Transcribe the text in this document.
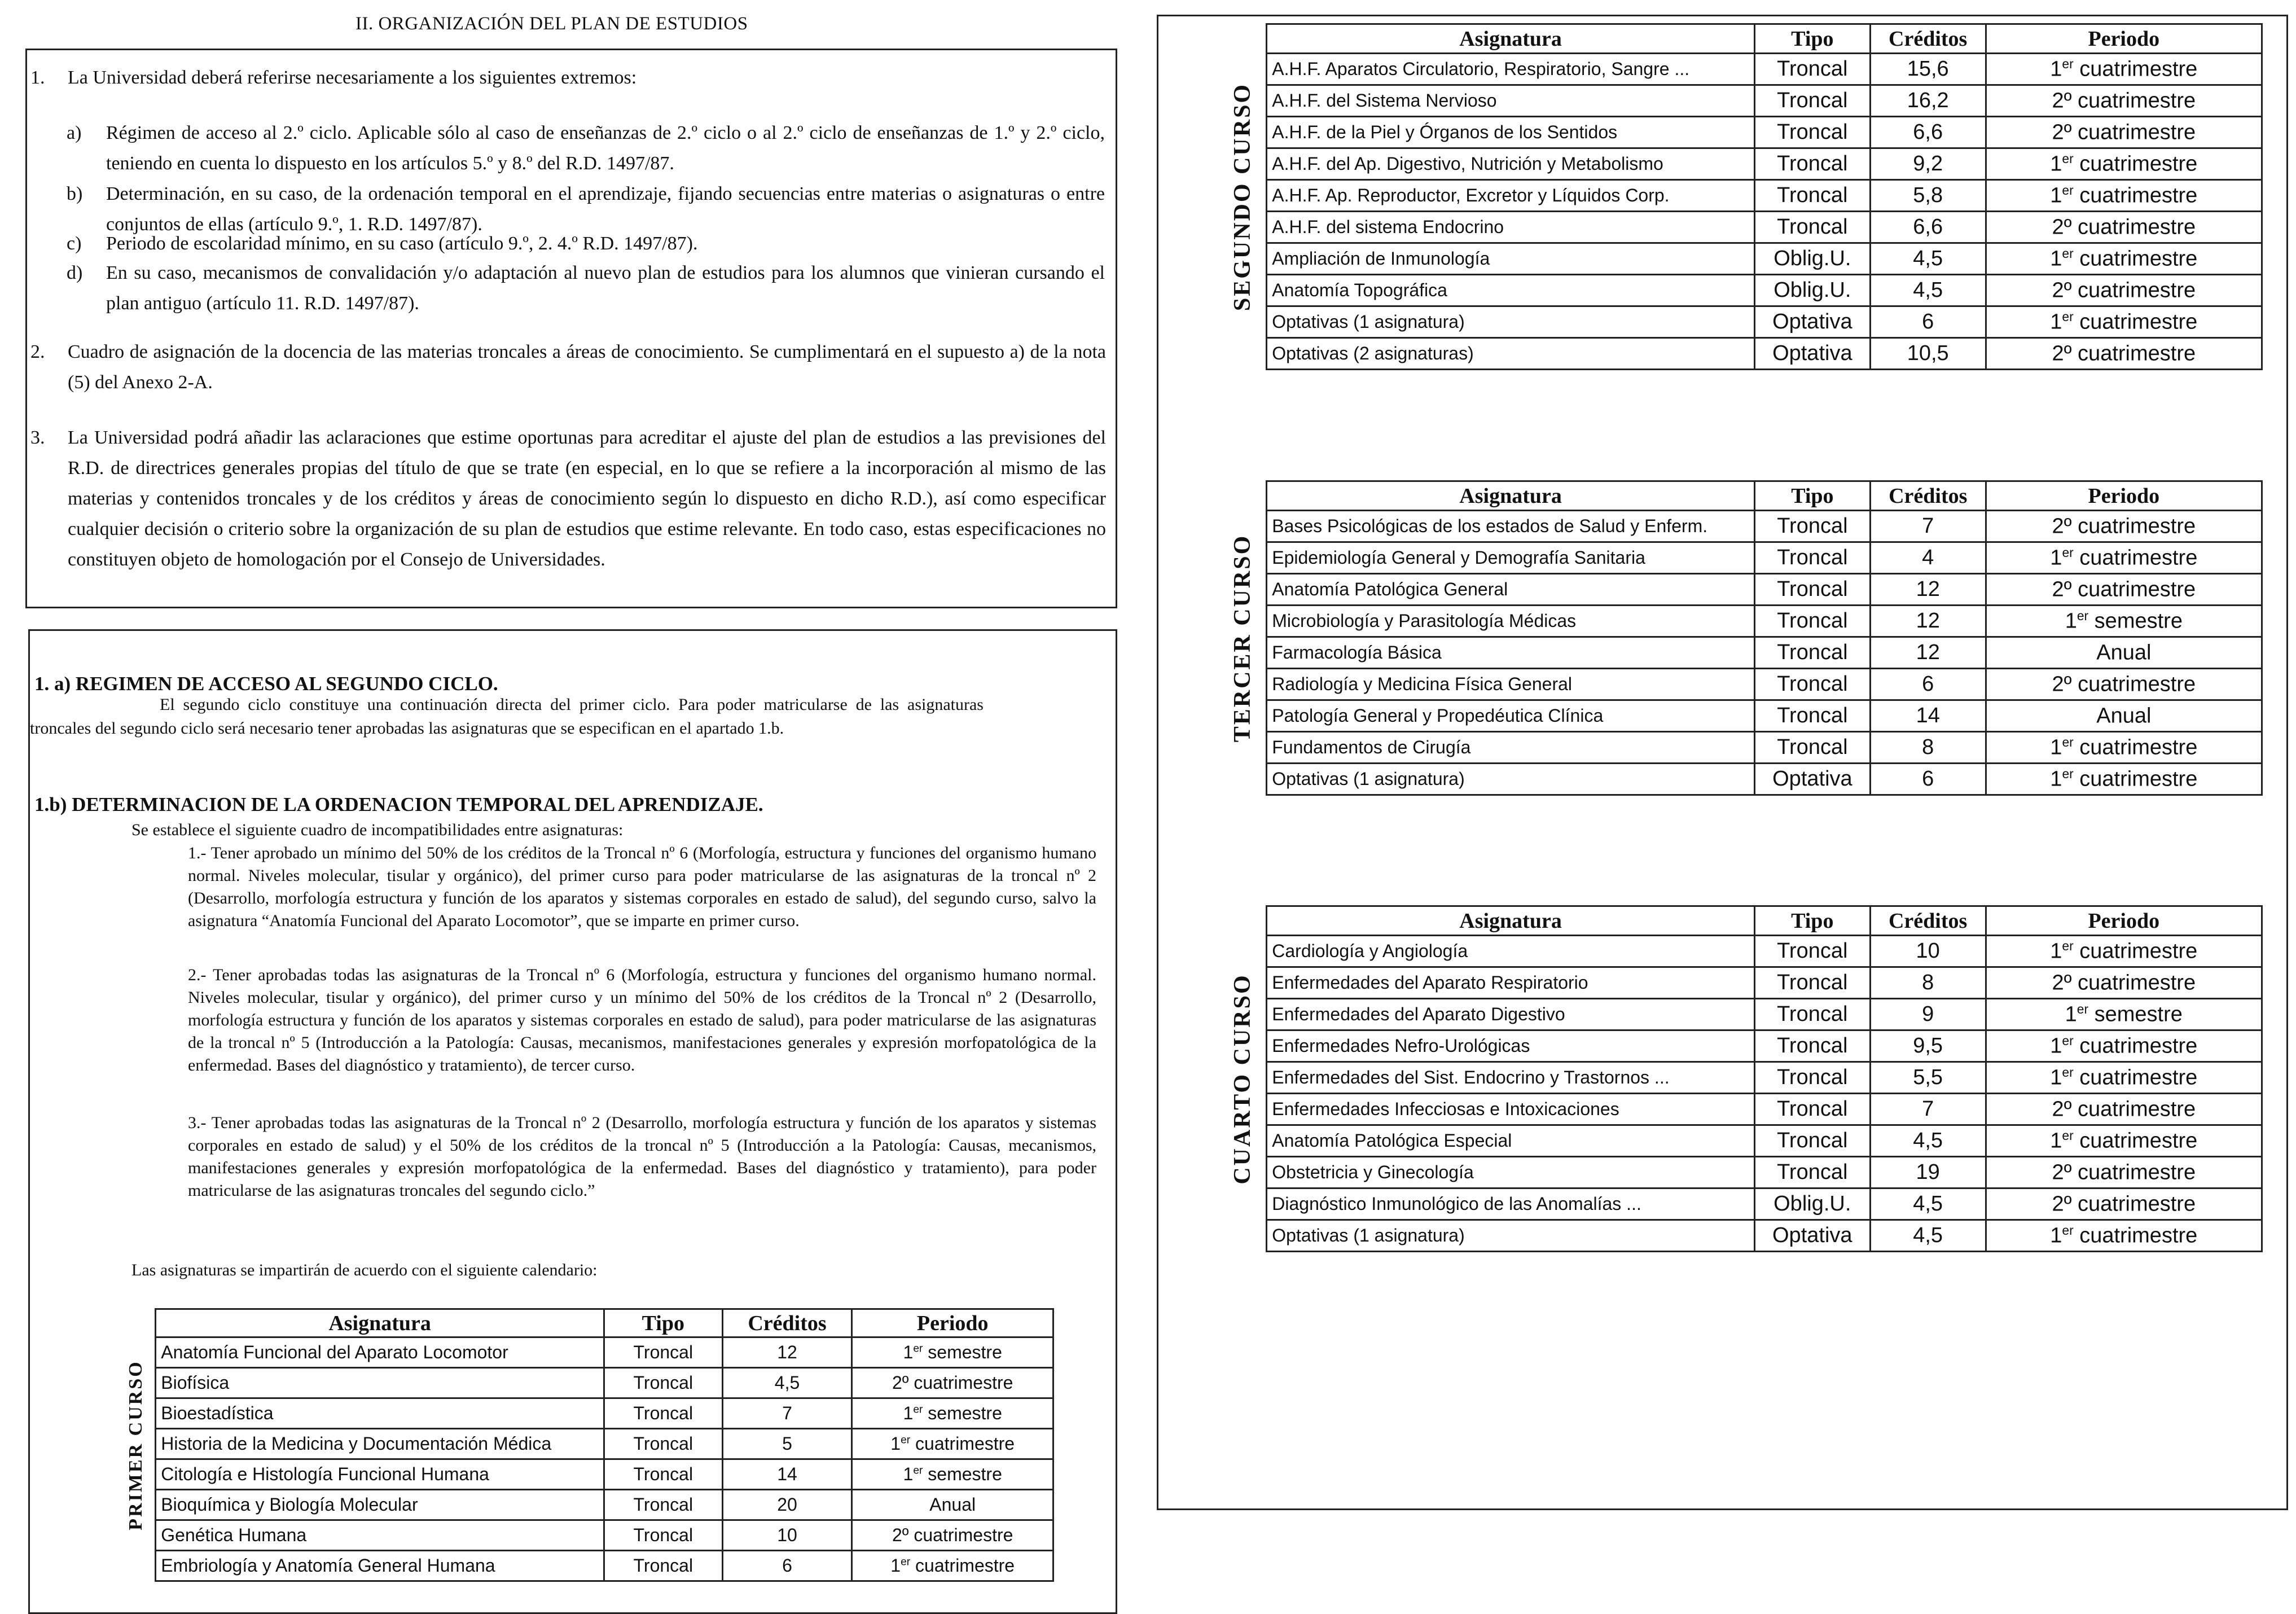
II. ORGANIZACIÓN DEL PLAN DE ESTUDIOS
1. La Universidad deberá referirse necesariamente a los siguientes extremos:
a) Régimen de acceso al 2.º ciclo. Aplicable sólo al caso de enseñanzas de 2.º ciclo o al 2.º ciclo de enseñanzas de 1.º y 2.º ciclo, teniendo en cuenta lo dispuesto en los artículos 5.º y 8.º del R.D. 1497/87.
b) Determinación, en su caso, de la ordenación temporal en el aprendizaje, fijando secuencias entre materias o asignaturas o entre conjuntos de ellas (artículo 9.º, 1. R.D. 1497/87).
c) Periodo de escolaridad mínimo, en su caso (artículo 9.º, 2. 4.º R.D. 1497/87).
d) En su caso, mecanismos de convalidación y/o adaptación al nuevo plan de estudios para los alumnos que vinieran cursando el plan antiguo (artículo 11. R.D. 1497/87).
2. Cuadro de asignación de la docencia de las materias troncales a áreas de conocimiento. Se cumplimentará en el supuesto a) de la nota (5) del Anexo 2-A.
3. La Universidad podrá añadir las aclaraciones que estime oportunas para acreditar el ajuste del plan de estudios a las previsiones del R.D. de directrices generales propias del título de que se trate (en especial, en lo que se refiere a la incorporación al mismo de las materias y contenidos troncales y de los créditos y áreas de conocimiento según lo dispuesto en dicho R.D.), así como especificar cualquier decisión o criterio sobre la organización de su plan de estudios que estime relevante. En todo caso, estas especificaciones no constituyen objeto de homologación por el Consejo de Universidades.
1. a) REGIMEN DE ACCESO AL SEGUNDO CICLO.
El segundo ciclo constituye una continuación directa del primer ciclo. Para poder matricularse de las asignaturas troncales del segundo ciclo será necesario tener aprobadas las asignaturas que se especifican en el apartado 1.b.
1.b) DETERMINACION DE LA ORDENACION TEMPORAL DEL APRENDIZAJE.
Se establece el siguiente cuadro de incompatibilidades entre asignaturas:
1.- Tener aprobado un mínimo del 50% de los créditos de la Troncal nº 6 (Morfología, estructura y funciones del organismo humano normal. Niveles molecular, tisular y orgánico), del primer curso para poder matricularse de las asignaturas de la troncal nº 2 (Desarrollo, morfología estructura y función de los aparatos y sistemas corporales en estado de salud), del segundo curso, salvo la asignatura “Anatomía Funcional del Aparato Locomotor”, que se imparte en primer curso.
2.- Tener aprobadas todas las asignaturas de la Troncal nº 6 (Morfología, estructura y funciones del organismo humano normal. Niveles molecular, tisular y orgánico), del primer curso y un mínimo del 50% de los créditos de la Troncal nº 2 (Desarrollo, morfología estructura y función de los aparatos y sistemas corporales en estado de salud), para poder matricularse de las asignaturas de la troncal nº 5 (Introducción a la Patología: Causas, mecanismos, manifestaciones generales y expresión morfopatológica de la enfermedad. Bases del diagnóstico y tratamiento), de tercer curso.
3.- Tener aprobadas todas las asignaturas de la Troncal nº 2 (Desarrollo, morfología estructura y función de los aparatos y sistemas corporales en estado de salud) y el 50% de los créditos de la troncal nº 5 (Introducción a la Patología: Causas, mecanismos, manifestaciones generales y expresión morfopatológica de la enfermedad. Bases del diagnóstico y tratamiento), para poder matricularse de las asignaturas troncales del segundo ciclo.”
Las asignaturas se impartirán de acuerdo con el siguiente calendario:
PRIMER CURSO	Asignatura	Tipo	Créditos	Periodo
	Anatomía Funcional del Aparato Locomotor	Troncal	12	1er semestre
	Biofísica	Troncal	4,5	2º cuatrimestre
	Bioestadística	Troncal	7	1er semestre
	Historia de la Medicina y Documentación Médica	Troncal	5	1er cuatrimestre
	Citología e Histología Funcional Humana	Troncal	14	1er semestre
	Bioquímica y Biología Molecular	Troncal	20	Anual
	Genética Humana	Troncal	10	2º cuatrimestre
	Embriología y Anatomía General Humana	Troncal	6	1er cuatrimestre
SEGUNDO CURSO	Asignatura	Tipo	Créditos	Periodo
	A.H.F. Aparatos Circulatorio, Respiratorio, Sangre ...	Troncal	15,6	1er cuatrimestre
	A.H.F. del Sistema Nervioso	Troncal	16,2	2º cuatrimestre
	A.H.F. de la Piel y Órganos de los Sentidos	Troncal	6,6	2º cuatrimestre
	A.H.F. del Ap. Digestivo, Nutrición y Metabolismo	Troncal	9,2	1er cuatrimestre
	A.H.F. Ap. Reproductor, Excretor y Líquidos Corp.	Troncal	5,8	1er cuatrimestre
	A.H.F. del sistema Endocrino	Troncal	6,6	2º cuatrimestre
	Ampliación de Inmunología	Oblig.U.	4,5	1er cuatrimestre
	Anatomía Topográfica	Oblig.U.	4,5	2º cuatrimestre
	Optativas (1 asignatura)	Optativa	6	1er cuatrimestre
	Optativas (2 asignaturas)	Optativa	10,5	2º cuatrimestre
TERCER CURSO	Asignatura	Tipo	Créditos	Periodo
	Bases Psicológicas de los estados de Salud y Enferm.	Troncal	7	2º cuatrimestre
	Epidemiología General y Demografía Sanitaria	Troncal	4	1er cuatrimestre
	Anatomía Patológica General	Troncal	12	2º cuatrimestre
	Microbiología y Parasitología Médicas	Troncal	12	1er semestre
	Farmacología Básica	Troncal	12	Anual
	Radiología y Medicina Física General	Troncal	6	2º cuatrimestre
	Patología General y Propedéutica Clínica	Troncal	14	Anual
	Fundamentos de Cirugía	Troncal	8	1er cuatrimestre
	Optativas (1 asignatura)	Optativa	6	1er cuatrimestre
CUARTO CURSO	Asignatura	Tipo	Créditos	Periodo
	Cardiología y Angiología	Troncal	10	1er cuatrimestre
	Enfermedades del Aparato Respiratorio	Troncal	8	2º cuatrimestre
	Enfermedades del Aparato Digestivo	Troncal	9	1er semestre
	Enfermedades Nefro-Urológicas	Troncal	9,5	1er cuatrimestre
	Enfermedades del Sist. Endocrino y Trastornos ...	Troncal	5,5	1er cuatrimestre
	Enfermedades Infecciosas e Intoxicaciones	Troncal	7	2º cuatrimestre
	Anatomía Patológica Especial	Troncal	4,5	1er cuatrimestre
	Obstetricia y Ginecología	Troncal	19	2º cuatrimestre
	Diagnóstico Inmunológico de las Anomalías ...	Oblig.U.	4,5	2º cuatrimestre
	Optativas (1 asignatura)	Optativa	4,5	1er cuatrimestre
